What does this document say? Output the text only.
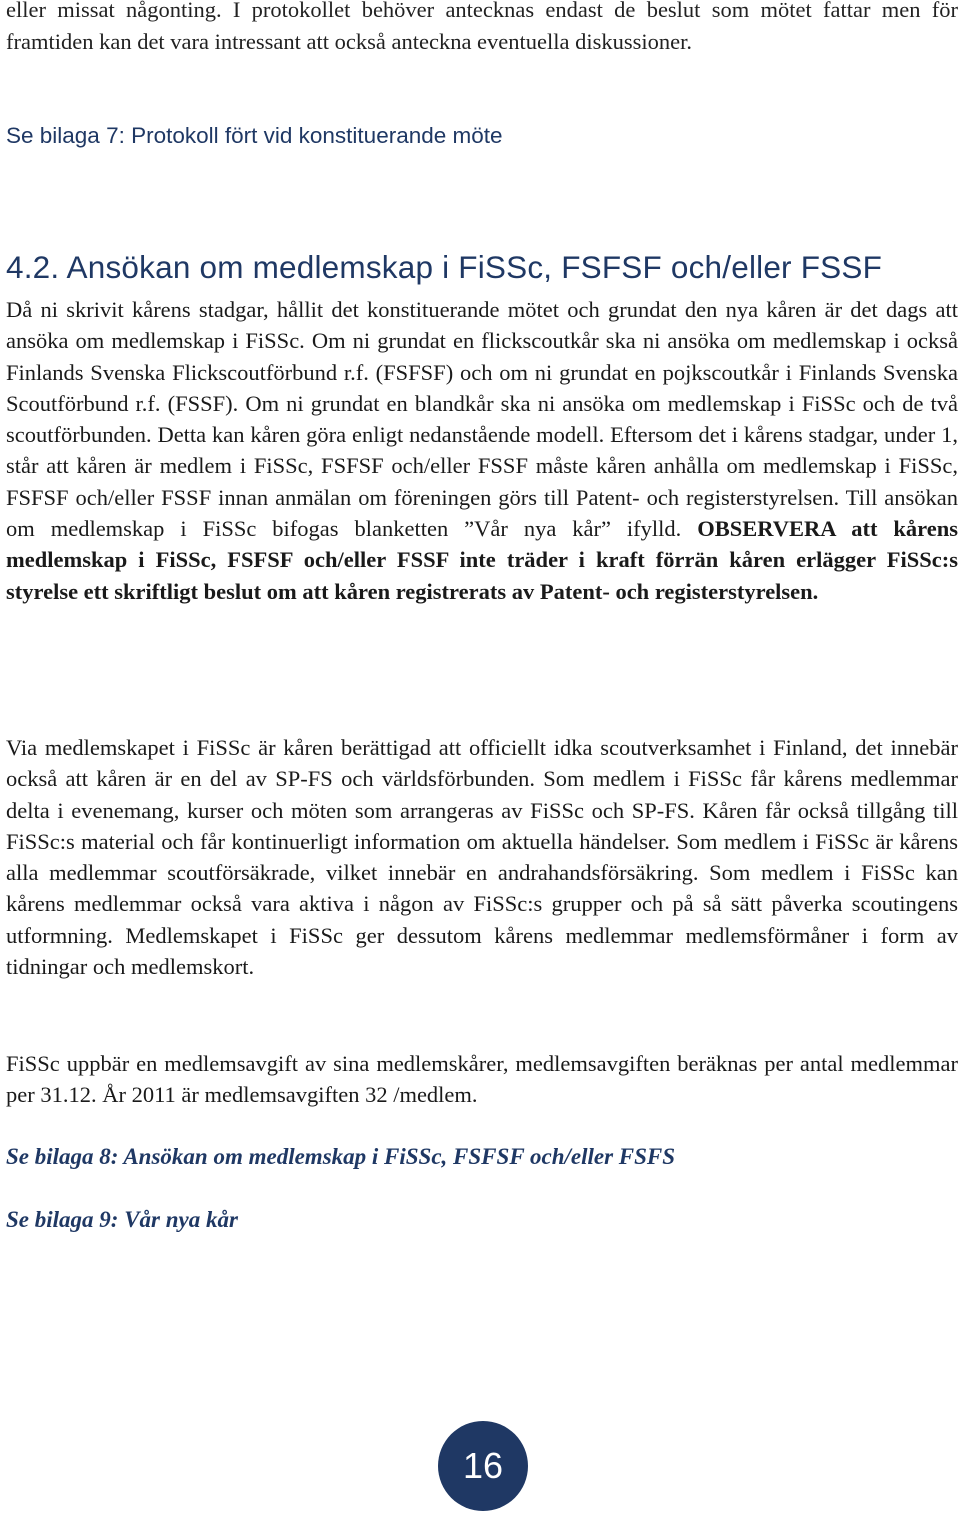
eller missat någonting. I protokollet behöver antecknas endast de beslut som mötet fattar men för framtiden kan det vara intressant att också anteckna eventuella diskussioner.

Se bilaga 7: Protokoll fört vid konstituerande möte
4.2. Ansökan om medlemskap i FiSSc, FSFSF och/eller FSSF

Då ni skrivit kårens stadgar, hållit det konstituerande mötet och grundat den nya kåren är det dags att ansöka om medlemskap i FiSSc. Om ni grundat en flickscoutkår ska ni ansöka om medlemskap i också Finlands Svenska Flickscoutförbund r.f. (FSFSF) och om ni grundat en pojkscoutkår i Finlands Svenska Scoutförbund r.f. (FSSF). Om ni grundat en blandkår ska ni ansöka om medlemskap i FiSSc och de två scoutförbunden. Detta kan kåren göra enligt nedanstående modell. Eftersom det i kårens stadgar, under 1, står att kåren är medlem i FiSSc, FSFSF och/eller FSSF måste kåren anhålla om medlemskap i FiSSc, FSFSF och/eller FSSF innan anmälan om föreningen görs till Patent- och registerstyrelsen. Till ansökan om medlemskap i FiSSc bifogas blanketten ”Vår nya kår” ifylld. OBSERVERA att kårens medlemskap i FiSSc, FSFSF och/eller FSSF inte träder i kraft förrän kåren erlägger FiSSc:s styrelse ett skriftligt beslut om att kåren registrerats av Patent- och registerstyrelsen.

Via medlemskapet i FiSSc är kåren berättigad att officiellt idka scoutverksamhet i Finland, det innebär också att kåren är en del av SP-FS och världsförbunden. Som medlem i FiSSc får kårens medlemmar delta i evenemang, kurser och möten som arrangeras av FiSSc och SP-FS. Kåren får också tillgång till FiSSc:s material och får kontinuerligt information om aktuella händelser. Som medlem i FiSSc är kårens alla medlemmar scoutförsäkrade, vilket innebär en andrahandsförsäkring. Som medlem i FiSSc kan kårens medlemmar också vara aktiva i någon av FiSSc:s grupper och på så sätt påverka scoutingens utformning. Medlemskapet i FiSSc ger dessutom kårens medlemmar medlemsförmåner i form av tidningar och medlemskort.

FiSSc uppbär en medlemsavgift av sina medlemskårer, medlemsavgiften beräknas per antal medlemmar per 31.12. År 2011 är medlemsavgiften 32 /medlem.

Se bilaga 8: Ansökan om medlemskap i FiSSc, FSFSF och/eller FSFS
Se bilaga 9: Vår nya kår
16
